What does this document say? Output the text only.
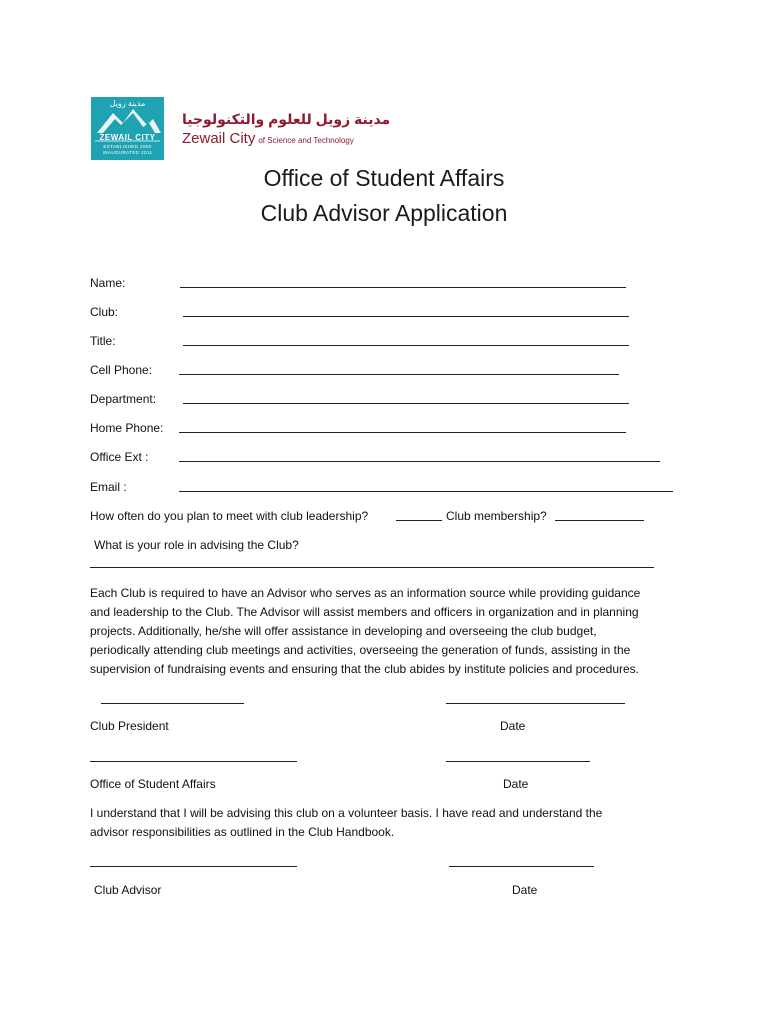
مدينة زويل
ZEWAIL CITY
ESTABLISHED 2000
INAUGURATED 2011
مدينة زويل للعلوم والتكنولوجيا
Zewail City of Science and Technology
Office of Student Affairs
Club Advisor Application
Name:
Club:
Title:
Cell Phone:
Department:
Home Phone:
Office Ext :
Email :
How often do you plan to meet with club leadership?	Club membership?
What is your role in advising the Club?
Each Club is required to have an Advisor who serves as an information source while providing guidance
and leadership to the Club. The Advisor will assist members and officers in organization and in planning
projects. Additionally, he/she will offer assistance in developing and overseeing the club budget,
periodically attending club meetings and activities, overseeing the generation of funds, assisting in the
supervision of fundraising events and ensuring that the club abides by institute policies and procedures.
Club President	Date
Office of Student Affairs	Date
I understand that I will be advising this club on a volunteer basis. I have read and understand the
advisor responsibilities as outlined in the Club Handbook.
Club Advisor	Date
